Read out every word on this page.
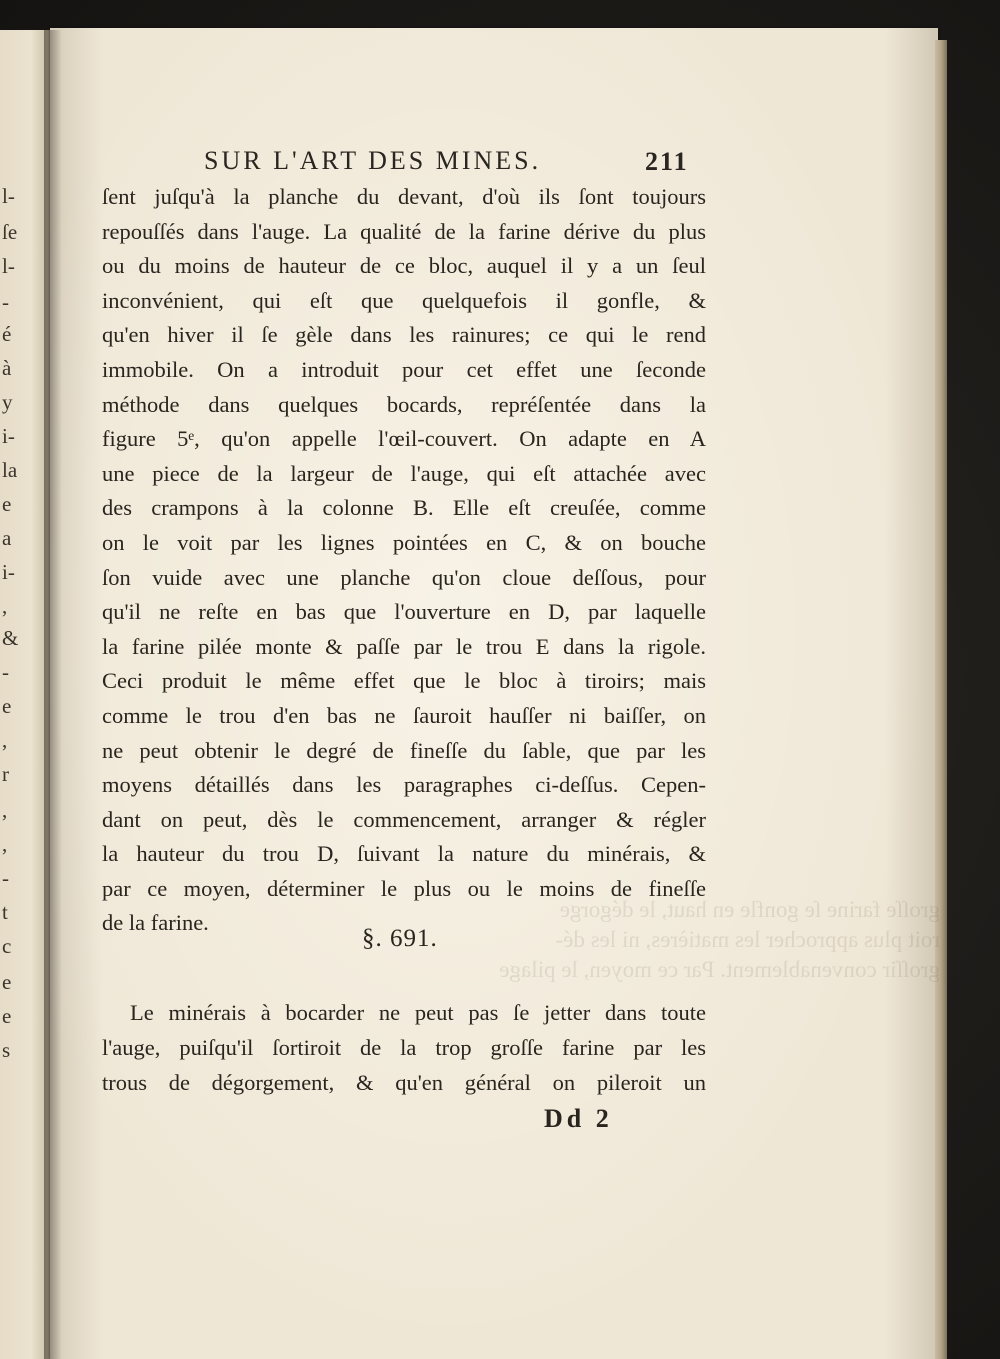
l-
ſe
l-
-
é
à
y
i-
la
e
a
i-
,
&
-
e
,
r
,
,
-
t
c
e
e
s
groſſe farine ſe gonfle en haut, le dégorge
roit plus approcher les matières, ni les dé-
groſſir convenablement. Par ce moyen, le pilage
SUR L'ART DES MINES.	211
ſent juſqu'à la planche du devant, d'où ils ſont toujours
repouſſés dans l'auge. La qualité de la farine dérive du plus
ou du moins de hauteur de ce bloc, auquel il y a un ſeul
inconvénient, qui eſt que quelquefois il gonfle, &
qu'en hiver il ſe gèle dans les rainures; ce qui le rend
immobile. On a introduit pour cet effet une ſeconde
méthode dans quelques bocards, repréſentée dans la
figure 5ᵉ, qu'on appelle l'œil-couvert. On adapte en A
une piece de la largeur de l'auge, qui eſt attachée avec
des crampons à la colonne B. Elle eſt creuſée, comme
on le voit par les lignes pointées en C, & on bouche
ſon vuide avec une planche qu'on cloue deſſous, pour
qu'il ne reſte en bas que l'ouverture en D, par laquelle
la farine pilée monte & paſſe par le trou E dans la rigole.
Ceci produit le même effet que le bloc à tiroirs; mais
comme le trou d'en bas ne ſauroit hauſſer ni baiſſer, on
ne peut obtenir le degré de fineſſe du ſable, que par les
moyens détaillés dans les paragraphes ci-deſſus. Cepen-
dant on peut, dès le commencement, arranger & régler
la hauteur du trou D, ſuivant la nature du minérais, &
par ce moyen, déterminer le plus ou le moins de fineſſe
de la farine.
§. 691.
Le minérais à bocarder ne peut pas ſe jetter dans toute
l'auge, puiſqu'il ſortiroit de la trop groſſe farine par les
trous de dégorgement, & qu'en général on pileroit un
Dd 2
